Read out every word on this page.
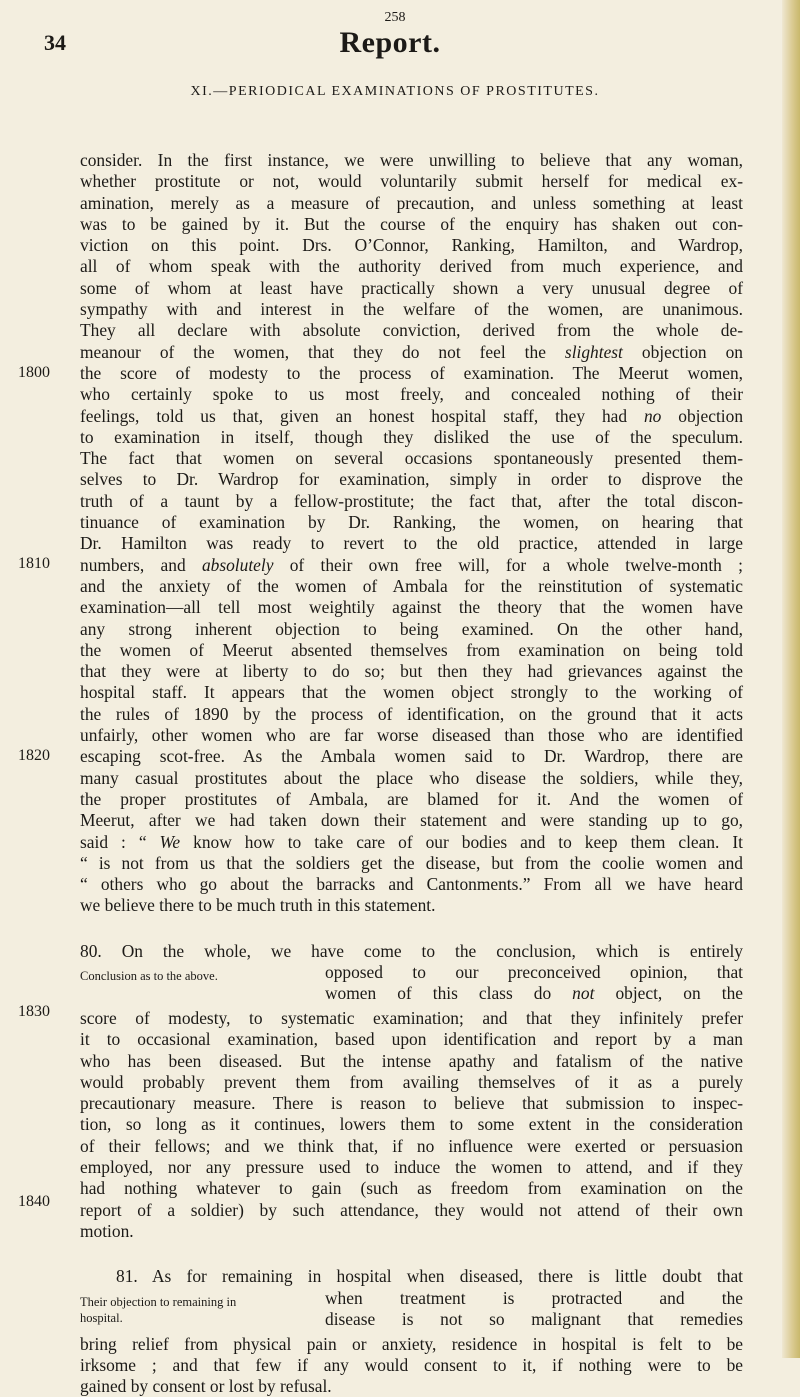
258
34	Report.
XI.—PERIODICAL EXAMINATIONS OF PROSTITUTES.
1800
1810
1820
1830
1840
consider. In the first instance, we were unwilling to believe that any woman,
whether prostitute or not, would voluntarily submit herself for medical ex-
amination, merely as a measure of precaution, and unless something at least
was to be gained by it. But the course of the enquiry has shaken out con-
viction on this point. Drs. O’Connor, Ranking, Hamilton, and Wardrop,
all of whom speak with the authority derived from much experience, and
some of whom at least have practically shown a very unusual degree of
sympathy with and interest in the welfare of the women, are unanimous.
They all declare with absolute conviction, derived from the whole de-
meanour of the women, that they do not feel the slightest objection on
the score of modesty to the process of examination. The Meerut women,
who certainly spoke to us most freely, and concealed nothing of their
feelings, told us that, given an honest hospital staff, they had no objection
to examination in itself, though they disliked the use of the speculum.
The fact that women on several occasions spontaneously presented them-
selves to Dr. Wardrop for examination, simply in order to disprove the
truth of a taunt by a fellow-prostitute; the fact that, after the total discon-
tinuance of examination by Dr. Ranking, the women, on hearing that
Dr. Hamilton was ready to revert to the old practice, attended in large
numbers, and absolutely of their own free will, for a whole twelve-month ;
and the anxiety of the women of Ambala for the reinstitution of systematic
examination—all tell most weightily against the theory that the women have
any strong inherent objection to being examined. On the other hand,
the women of Meerut absented themselves from examination on being told
that they were at liberty to do so; but then they had grievances against the
hospital staff. It appears that the women object strongly to the working of
the rules of 1890 by the process of identification, on the ground that it acts
unfairly, other women who are far worse diseased than those who are identified
escaping scot-free. As the Ambala women said to Dr. Wardrop, there are
many casual prostitutes about the place who disease the soldiers, while they,
the proper prostitutes of Ambala, are blamed for it. And the women of
Meerut, after we had taken down their statement and were standing up to go,
said : “ We know how to take care of our bodies and to keep them clean. It
“ is not from us that the soldiers get the disease, but from the coolie women and
“ others who go about the barracks and Cantonments.” From all we have heard
we believe there to be much truth in this statement.
80. On the whole, we have come to the conclusion, which is entirely
Conclusion as to the above.	opposed to our preconceived opinion, that
women of this class do not object, on the
score of modesty, to systematic examination; and that they infinitely prefer
it to occasional examination, based upon identification and report by a man
who has been diseased. But the intense apathy and fatalism of the native
would probably prevent them from availing themselves of it as a purely
precautionary measure. There is reason to believe that submission to inspec-
tion, so long as it continues, lowers them to some extent in the consideration
of their fellows; and we think that, if no influence were exerted or persuasion
employed, nor any pressure used to induce the women to attend, and if they
had nothing whatever to gain (such as freedom from examination on the
report of a soldier) by such attendance, they would not attend of their own
motion.
81. As for remaining in hospital when diseased, there is little doubt that
Their objection to remaining in
hospital.
when treatment is protracted and the
disease is not so malignant that remedies
bring relief from physical pain or anxiety, residence in hospital is felt to be
irksome ; and that few if any would consent to it, if nothing were to be
gained by consent or lost by refusal.
